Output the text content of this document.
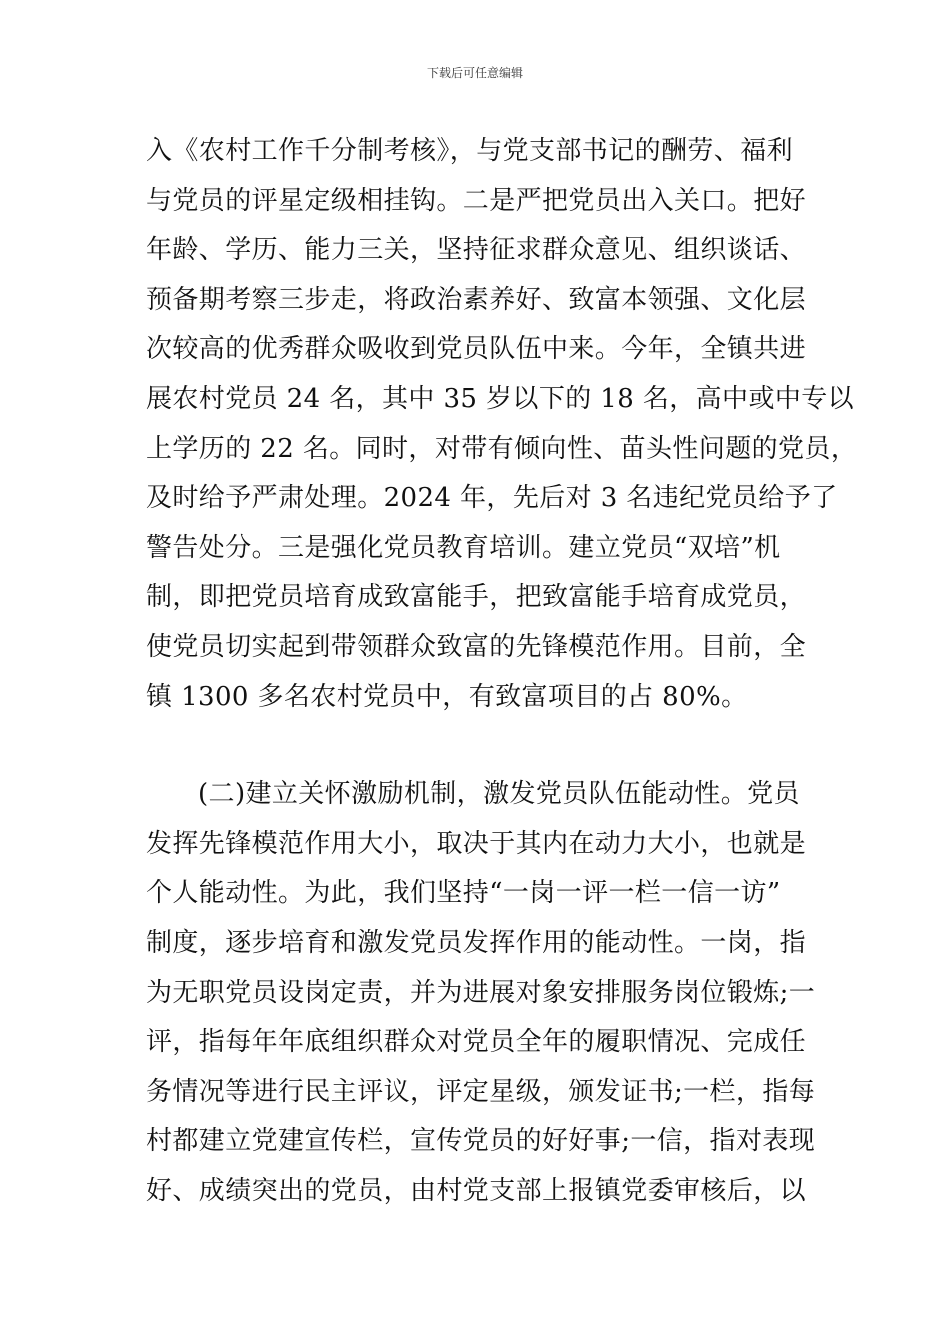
下载后可任意编辑
入《农村工作千分制考核》，与党支部书记的酬劳、福利
与党员的评星定级相挂钩。二是严把党员出入关口。把好
年龄、学历、能力三关，坚持征求群众意见、组织谈话、
预备期考察三步走，将政治素养好、致富本领强、文化层
次较高的优秀群众吸收到党员队伍中来。今年，全镇共进
展农村党员 24 名，其中 35 岁以下的 18 名，高中或中专以
上学历的 22 名。同时，对带有倾向性、苗头性问题的党员，
及时给予严肃处理。2024 年，先后对 3 名违纪党员给予了
警告处分。三是强化党员教育培训。建立党员“双培”机
制，即把党员培育成致富能手，把致富能手培育成党员，
使党员切实起到带领群众致富的先锋模范作用。目前，全
镇 1300 多名农村党员中，有致富项目的占 80%。
(二)建立关怀激励机制，激发党员队伍能动性。党员
发挥先锋模范作用大小，取决于其内在动力大小，也就是
个人能动性。为此，我们坚持“一岗一评一栏一信一访”
制度，逐步培育和激发党员发挥作用的能动性。一岗，指
为无职党员设岗定责，并为进展对象安排服务岗位锻炼;一
评，指每年年底组织群众对党员全年的履职情况、完成任
务情况等进行民主评议，评定星级，颁发证书;一栏，指每
村都建立党建宣传栏，宣传党员的好好事;一信，指对表现
好、成绩突出的党员，由村党支部上报镇党委审核后，以
